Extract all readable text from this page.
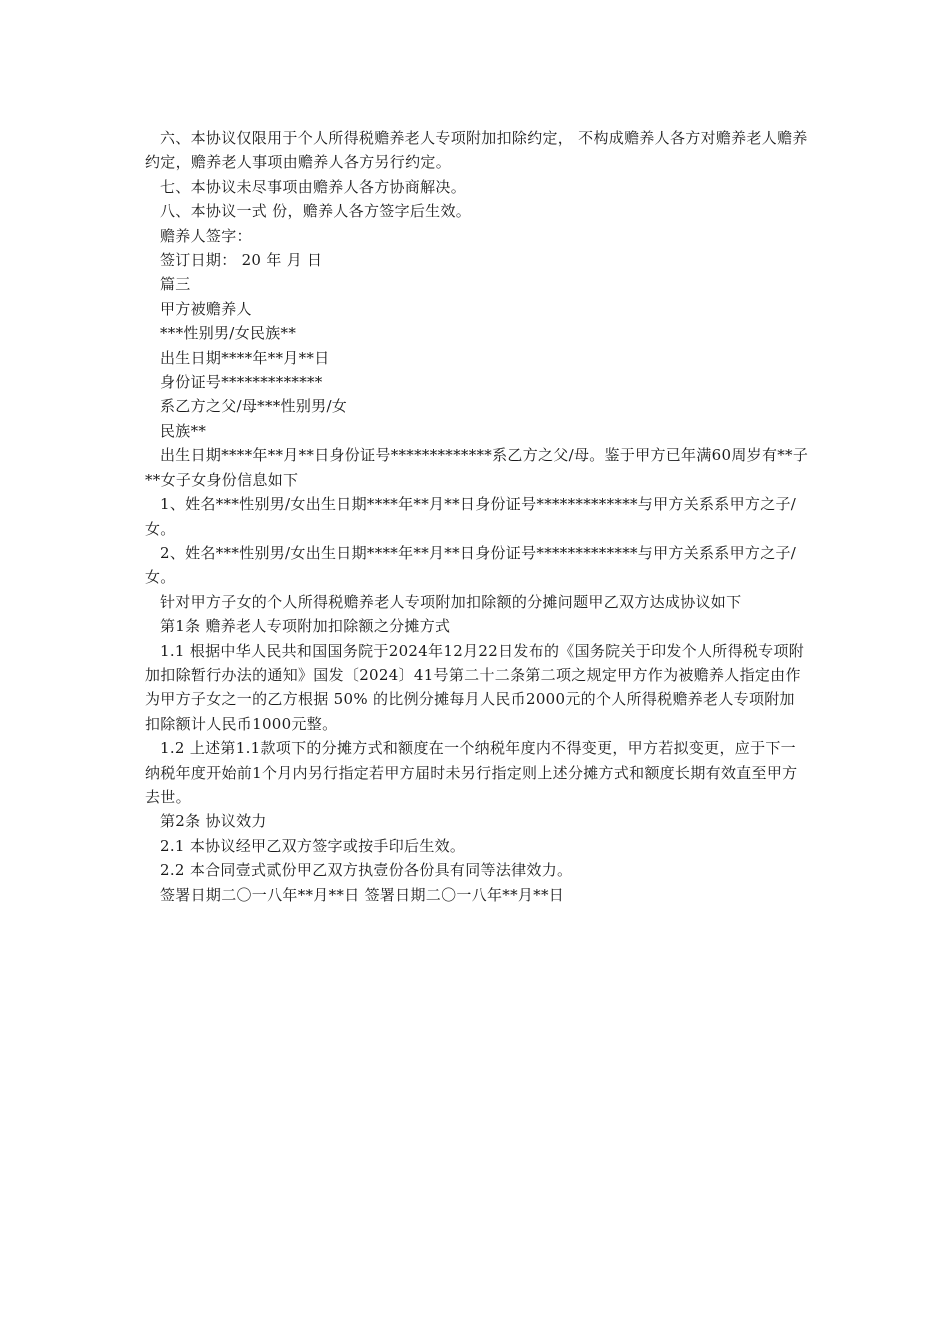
六、本协议仅限用于个人所得税赡养老人专项附加扣除约定， 不构成赡养人各方对赡养老人赡养约定，赡养老人事项由赡养人各方另行约定。

七、本协议未尽事项由赡养人各方协商解决。

八、本协议一式 份，赡养人各方签字后生效。

赡养人签字：

签订日期： 20 年 月 日

篇三

甲方被赡养人

***性别男/女民族**

出生日期****年**月**日

身份证号*************

系乙方之父/母***性别男/女

民族**

出生日期****年**月**日身份证号*************系乙方之父/母。鉴于甲方已年满60周岁有**子**女子女身份信息如下

1、姓名***性别男/女出生日期****年**月**日身份证号*************与甲方关系系甲方之子/女。

2、姓名***性别男/女出生日期****年**月**日身份证号*************与甲方关系系甲方之子/女。

针对甲方子女的个人所得税赡养老人专项附加扣除额的分摊问题甲乙双方达成协议如下

第1条 赡养老人专项附加扣除额之分摊方式

1.1 根据中华人民共和国国务院于2024年12月22日发布的《国务院关于印发个人所得税专项附加扣除暂行办法的通知》国发〔2024〕41号第二十二条第二项之规定甲方作为被赡养人指定由作为甲方子女之一的乙方根据 50% 的比例分摊每月人民币2000元的个人所得税赡养老人专项附加扣除额计人民币1000元整。

1.2 上述第1.1款项下的分摊方式和额度在一个纳税年度内不得变更，甲方若拟变更，应于下一纳税年度开始前1个月内另行指定若甲方届时未另行指定则上述分摊方式和额度长期有效直至甲方去世。

第2条 协议效力

2.1 本协议经甲乙双方签字或按手印后生效。

2.2 本合同壹式贰份甲乙双方执壹份各份具有同等法律效力。

签署日期二〇一八年**月**日 签署日期二〇一八年**月**日
